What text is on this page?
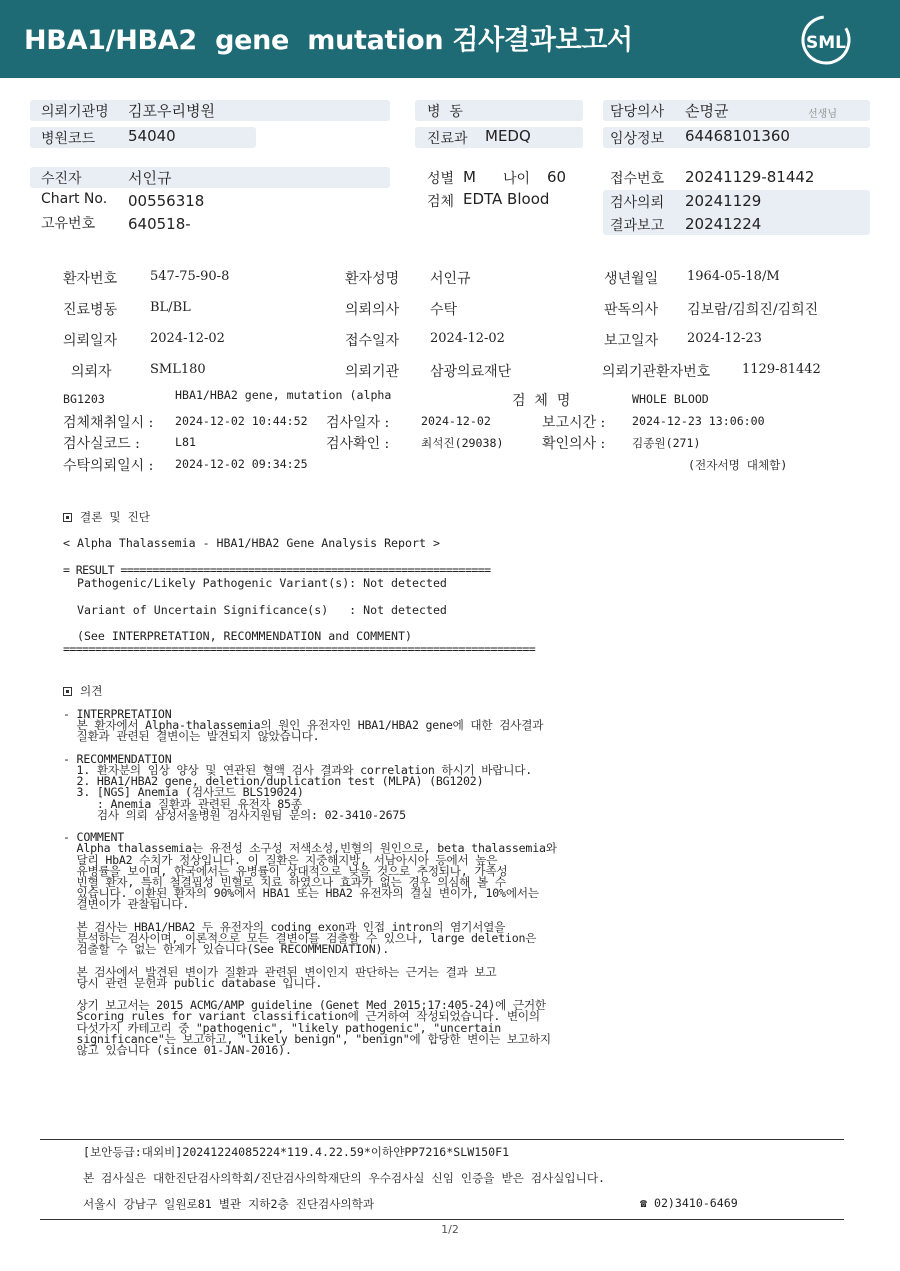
HBA1/HBA2  gene  mutation 검사결과보고서	SML
의뢰기관명 김포우리병원	병  동	담당의사 손명균	선생님
병원코드 54040	진료과 MEDQ	임상정보 64468101360
수진자	서인규	성별 M 나이 60	접수번호 20241129-81442
Chart No. 00556318	검체 EDTA Blood	검사의뢰 20241129
고유번호 640518-	결과보고 20241224
환자번호	547-75-90-8	환자성명 서인규	생년월일 1964-05-18/M
진료병동	BL/BL	의뢰의사 수탁	판독의사 김보람/김희진/김희진
의뢰일자	2024-12-02	접수일자 2024-12-02	보고일자 2024-12-23
의뢰자	SML180	의뢰기관 삼광의료재단	의뢰기관환자번호 1129-81442
BG1203	HBA1/HBA2 gene, mutation (alpha	검  체  명	WHOLE BLOOD
검체채취일시 : 2024-12-02 10:44:52 검사일자 :	2024-12-02	보고시간 : 2024-12-23 13:06:00
검사실코드 :	L81	검사확인 :	최석진(29038)	확인의사 : 김종원(271)
수탁의뢰일시 : 2024-12-02 09:34:25	(전자서명 대체함)
결론 및 진단
< Alpha Thalassemia - HBA1/HBA2 Gene Analysis Report >
= RESULT ==========================================================
Pathogenic/Likely Pathogenic Variant(s): Not detected
Variant of Uncertain Significance(s)   : Not detected
(See INTERPRETATION, RECOMMENDATION and COMMENT)
==========================================================================
의견
- INTERPRETATION
본 환자에서 Alpha-thalassemia의 원인 유전자인 HBA1/HBA2 gene에 대한 검사결과
질환과 관련된 결변이는 발견되지 않았습니다.
- RECOMMENDATION
1. 환자분의 임상 양상 및 연관된 혈액 검사 결과와 correlation 하시기 바랍니다.
2. HBA1/HBA2 gene, deletion/duplication test (MLPA) (BG1202)
3. [NGS] Anemia (검사코드 BLS19024)
: Anemia 질환과 관련된 유전자 85종
검사 의뢰 삼성서울병원 검사지원팀 문의: 02-3410-2675
- COMMENT
Alpha thalassemia는 유전성 소구성 저색소성,빈혈의 원인으로, beta thalassemia와
달리 HbA2 수치가 정상입니다. 이 질환은 지중해지방, 서남아시아 등에서 높은
유병률을 보이며, 한국에서는 유병률이 상대적으로 낮을 것으로 추정되나, 가족성
빈혈 환자, 특히 철결핍성 빈혈로 치료 하였으나 효과가 없는 경우 의심해 볼 수
있습니다. 이환된 환자의 90%에서 HBA1 또는 HBA2 유전자의 결실 변이가, 10%에서는
결변이가 관찰됩니다.
본 검사는 HBA1/HBA2 두 유전자의 coding exon과 인접 intron의 염기서열을
분석하는 검사이며, 이론적으로 모든 결변이를 검출할 수 있으나, large deletion은
검출할 수 없는 한계가 있습니다(See RECOMMENDATION).
본 검사에서 발견된 변이가 질환과 관련된 변이인지 판단하는 근거는 결과 보고
당시 관련 문헌과 public database 입니다.
상기 보고서는 2015 ACMG/AMP guideline (Genet Med 2015;17:405-24)에 근거한
Scoring rules for variant classification에 근거하여 작성되었습니다. 변이의
다섯가지 카테고리 중 "pathogenic", "likely pathogenic", "uncertain
significance"는 보고하고, "likely benign", "benign"에 합당한 변이는 보고하지
않고 있습니다 (since 01-JAN-2016).
[보안등급:대외비]20241224085224*119.4.22.59*이하얀PP7216*SLW150F1
본 검사실은 대한진단검사의학회/진단검사의학재단의 우수검사실 신임 인증을 받은 검사실입니다.
서울시 강남구 일원로81 별관 지하2층 진단검사의학과	☎ 02)3410-6469
1/2
